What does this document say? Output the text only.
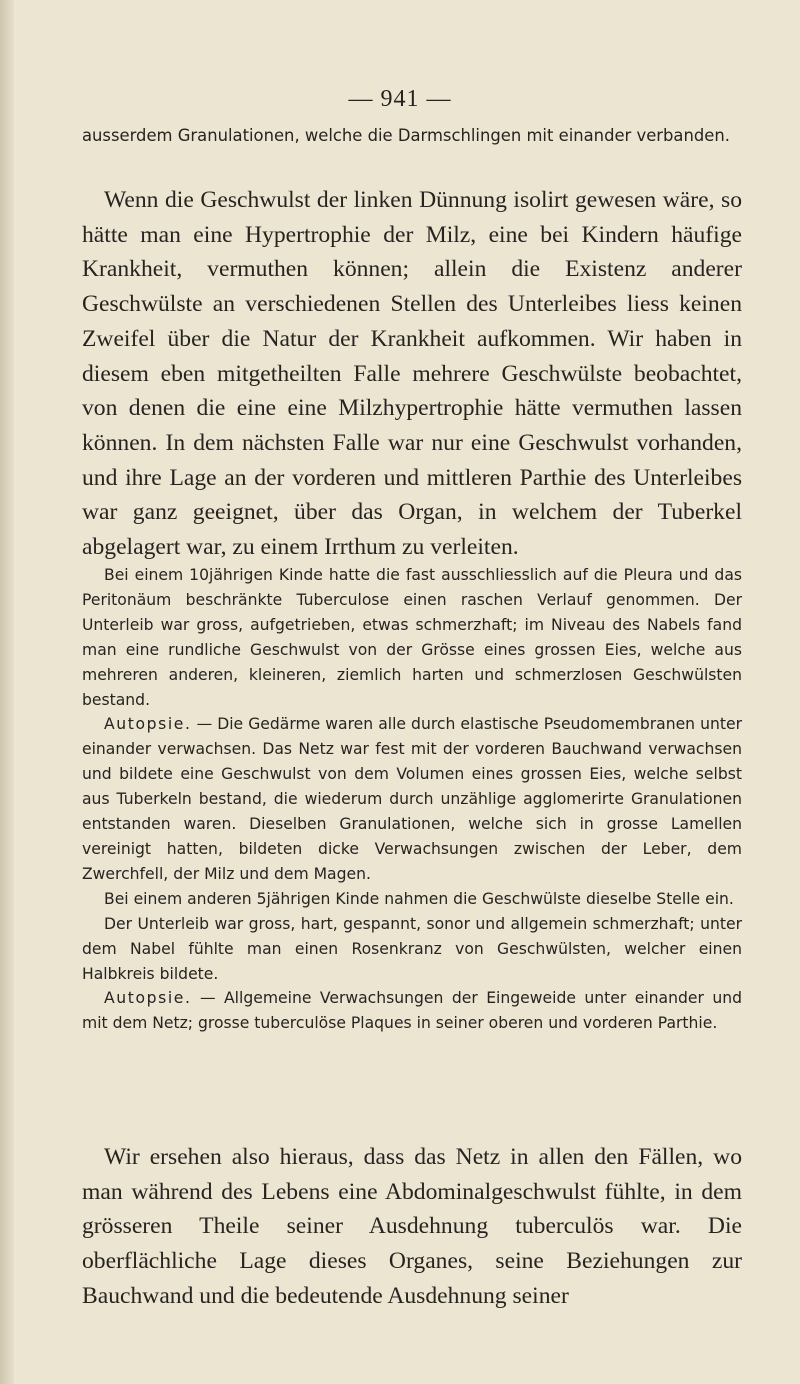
— 941 —

ausserdem Granulationen, welche die Darmschlingen mit einander verbanden.

Wenn die Geschwulst der linken Dünnung isolirt gewesen wäre, so hätte man eine Hypertrophie der Milz, eine bei Kindern häufige Krankheit, vermuthen können; allein die Existenz anderer Geschwülste an verschiedenen Stellen des Unterleibes liess keinen Zweifel über die Natur der Krankheit aufkommen. Wir haben in diesem eben mitgetheilten Falle mehrere Geschwülste beobachtet, von denen die eine eine Milzhypertrophie hätte vermuthen lassen können. In dem nächsten Falle war nur eine Geschwulst vorhanden, und ihre Lage an der vorderen und mittleren Parthie des Unterleibes war ganz geeignet, über das Organ, in welchem der Tuberkel abgelagert war, zu einem Irrthum zu verleiten.

Bei einem 10jährigen Kinde hatte die fast ausschliesslich auf die Pleura und das Peritonäum beschränkte Tuberculose einen raschen Verlauf genommen. Der Unterleib war gross, aufgetrieben, etwas schmerzhaft; im Niveau des Nabels fand man eine rundliche Geschwulst von der Grösse eines grossen Eies, welche aus mehreren anderen, kleineren, ziemlich harten und schmerzlosen Geschwülsten bestand.

Autopsie. — Die Gedärme waren alle durch elastische Pseudomembranen unter einander verwachsen. Das Netz war fest mit der vorderen Bauchwand verwachsen und bildete eine Geschwulst von dem Volumen eines grossen Eies, welche selbst aus Tuberkeln bestand, die wiederum durch unzählige agglomerirte Granulationen entstanden waren. Dieselben Granulationen, welche sich in grosse Lamellen vereinigt hatten, bildeten dicke Verwachsungen zwischen der Leber, dem Zwerchfell, der Milz und dem Magen.

Bei einem anderen 5jährigen Kinde nahmen die Geschwülste dieselbe Stelle ein.

Der Unterleib war gross, hart, gespannt, sonor und allgemein schmerzhaft; unter dem Nabel fühlte man einen Rosenkranz von Geschwülsten, welcher einen Halbkreis bildete.

Autopsie. — Allgemeine Verwachsungen der Eingeweide unter einander und mit dem Netz; grosse tuberculöse Plaques in seiner oberen und vorderen Parthie.

Wir ersehen also hieraus, dass das Netz in allen den Fällen, wo man während des Lebens eine Abdominalgeschwulst fühlte, in dem grösseren Theile seiner Ausdehnung tuberculös war. Die oberflächliche Lage dieses Organes, seine Beziehungen zur Bauchwand und die bedeutende Ausdehnung seiner
